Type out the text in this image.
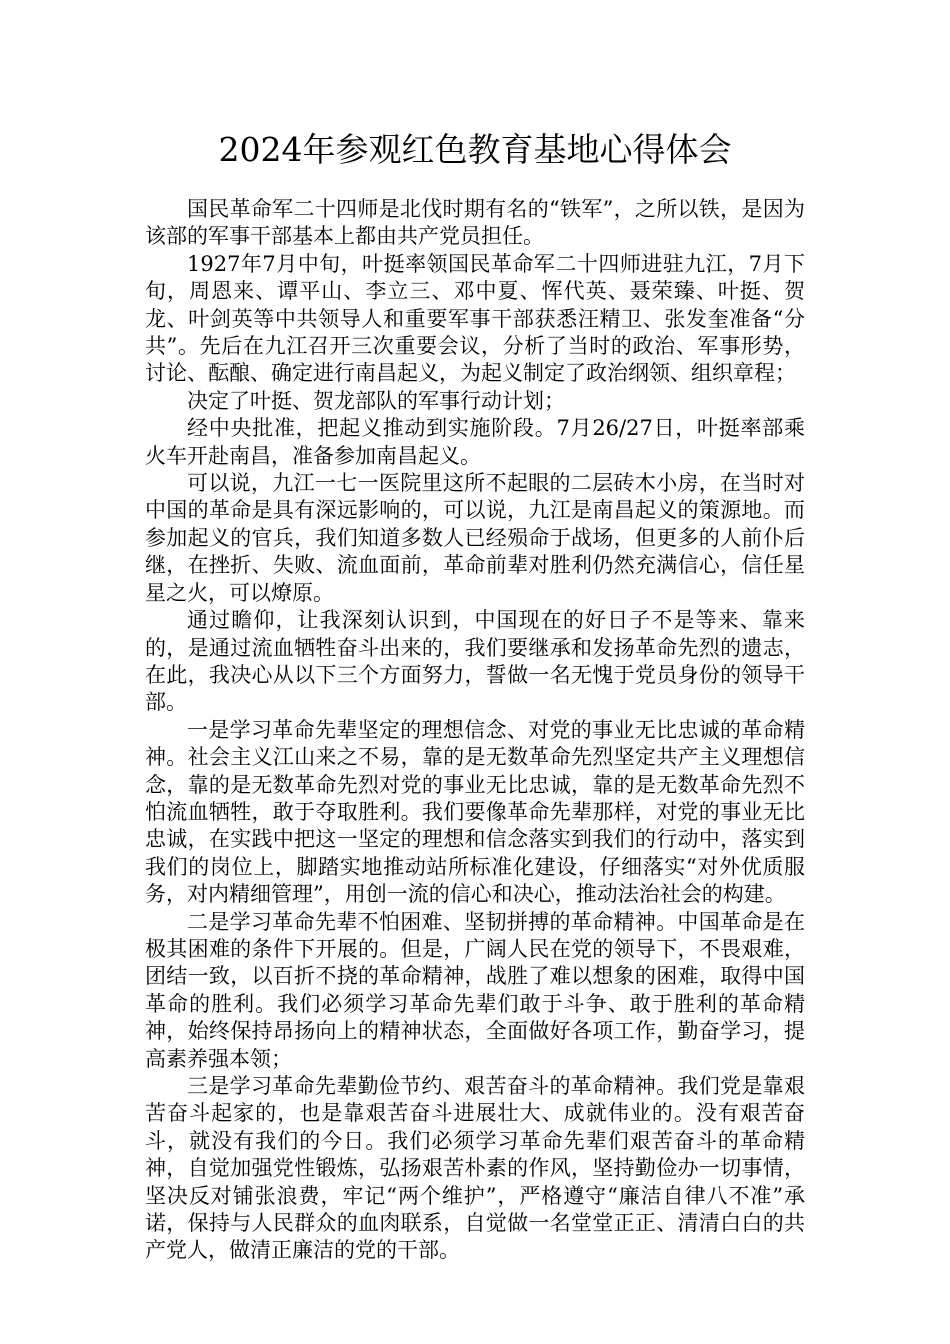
2024年参观红色教育基地心得体会

国民革命军二十四师是北伐时期有名的“铁军”，之所以铁，是因为该部的军事干部基本上都由共产党员担任。

1927年7月中旬，叶挺率领国民革命军二十四师进驻九江，7月下旬，周恩来、谭平山、李立三、邓中夏、恽代英、聂荣臻、叶挺、贺龙、叶剑英等中共领导人和重要军事干部获悉汪精卫、张发奎准备“分共”。先后在九江召开三次重要会议，分析了当时的政治、军事形势，讨论、酝酿、确定进行南昌起义，为起义制定了政治纲领、组织章程；

决定了叶挺、贺龙部队的军事行动计划；

经中央批准，把起义推动到实施阶段。7月26/27日，叶挺率部乘火车开赴南昌，准备参加南昌起义。

可以说，九江一七一医院里这所不起眼的二层砖木小房，在当时对中国的革命是具有深远影响的，可以说，九江是南昌起义的策源地。而参加起义的官兵，我们知道多数人已经殒命于战场，但更多的人前仆后继，在挫折、失败、流血面前，革命前辈对胜利仍然充满信心，信任星星之火，可以燎原。

通过瞻仰，让我深刻认识到，中国现在的好日子不是等来、靠来的，是通过流血牺牲奋斗出来的，我们要继承和发扬革命先烈的遗志，在此，我决心从以下三个方面努力，誓做一名无愧于党员身份的领导干部。

一是学习革命先辈坚定的理想信念、对党的事业无比忠诚的革命精神。社会主义江山来之不易，靠的是无数革命先烈坚定共产主义理想信念，靠的是无数革命先烈对党的事业无比忠诚，靠的是无数革命先烈不怕流血牺牲，敢于夺取胜利。我们要像革命先辈那样，对党的事业无比忠诚，在实践中把这一坚定的理想和信念落实到我们的行动中，落实到我们的岗位上，脚踏实地推动站所标准化建设，仔细落实“对外优质服务，对内精细管理”，用创一流的信心和决心，推动法治社会的构建。

二是学习革命先辈不怕困难、坚韧拼搏的革命精神。中国革命是在极其困难的条件下开展的。但是，广阔人民在党的领导下，不畏艰难，团结一致，以百折不挠的革命精神，战胜了难以想象的困难，取得中国革命的胜利。我们必须学习革命先辈们敢于斗争、敢于胜利的革命精神，始终保持昂扬向上的精神状态，全面做好各项工作，勤奋学习，提高素养强本领；

三是学习革命先辈勤俭节约、艰苦奋斗的革命精神。我们党是靠艰苦奋斗起家的，也是靠艰苦奋斗进展壮大、成就伟业的。没有艰苦奋斗，就没有我们的今日。我们必须学习革命先辈们艰苦奋斗的革命精神，自觉加强党性锻炼，弘扬艰苦朴素的作风，坚持勤俭办一切事情，坚决反对铺张浪费，牢记“两个维护”，严格遵守“廉洁自律八不准”承诺，保持与人民群众的血肉联系，自觉做一名堂堂正正、清清白白的共产党人，做清正廉洁的党的干部。
